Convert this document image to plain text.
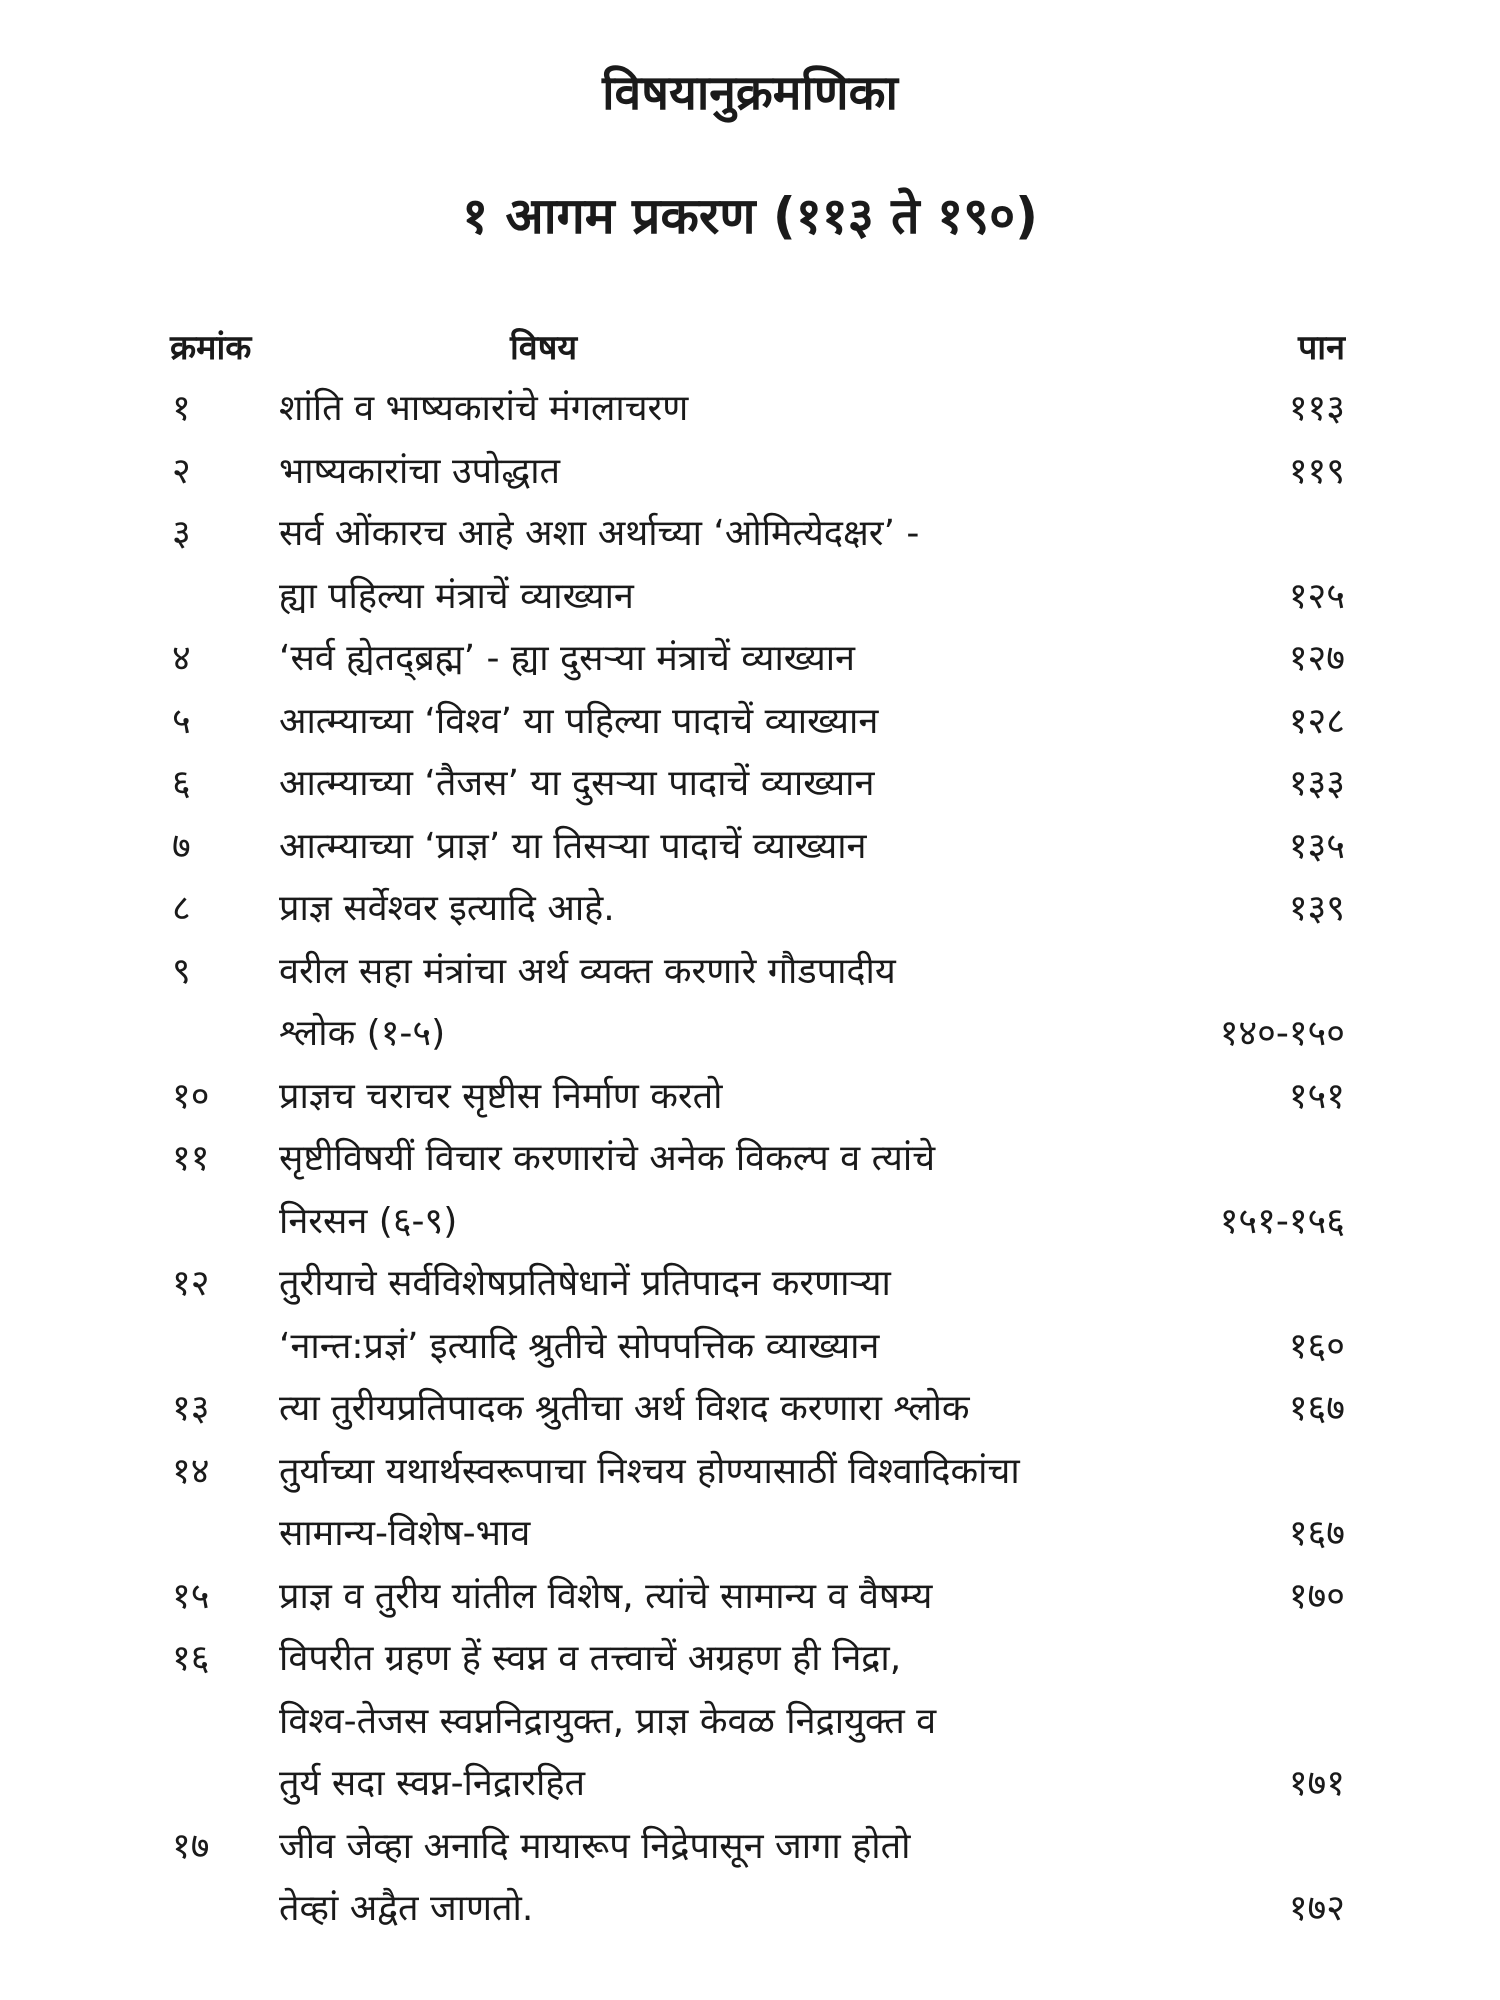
विषयानुक्रमणिका
१ आगम प्रकरण (११३ ते १९०)
क्रमांक	विषय	पान
१ शांति व भाष्यकारांचे मंगलाचरण	११३
२ भाष्यकारांचा उपोद्धात	११९
३ सर्व ओंकारच आहे अशा अर्थाच्या ‘ओमित्येदक्षर’ -
ह्या पहिल्या मंत्राचें व्याख्यान	१२५
४ ‘सर्व ह्येतद्‌ब्रह्म’ - ह्या दुसऱ्या मंत्राचें व्याख्यान	१२७
५ आत्म्याच्या ‘विश्व’ या पहिल्या पादाचें व्याख्यान	१२८
६ आत्म्याच्या ‘तैजस’ या दुसऱ्या पादाचें व्याख्यान	१३३
७ आत्म्याच्या ‘प्राज्ञ’ या तिसऱ्या पादाचें व्याख्यान	१३५
८ प्राज्ञ सर्वेश्वर इत्यादि आहे.	१३९
९ वरील सहा मंत्रांचा अर्थ व्यक्त करणारे गौडपादीय
श्लोक (१-५)	१४०-१५०
१० प्राज्ञच चराचर सृष्टीस निर्माण करतो	१५१
११ सृष्टीविषयीं विचार करणारांचे अनेक विकल्प व त्यांचे
निरसन (६-९)	१५१-१५६
१२ तुरीयाचे सर्वविशेषप्रतिषेधानें प्रतिपादन करणाऱ्या
‘नान्त:प्रज्ञं’ इत्यादि श्रुतीचे सोपपत्तिक व्याख्यान	१६०
१३ त्या तुरीयप्रतिपादक श्रुतीचा अर्थ विशद करणारा श्लोक	१६७
१४ तुर्याच्या यथार्थस्वरूपाचा निश्चय होण्यासाठीं विश्वादिकांचा
सामान्य-विशेष-भाव	१६७
१५ प्राज्ञ व तुरीय यांतील विशेष, त्यांचे सामान्य व वैषम्य	१७०
१६ विपरीत ग्रहण हें स्वप्न व तत्त्वाचें अग्रहण ही निद्रा,
विश्व-तेजस स्वप्ननिद्रायुक्त, प्राज्ञ केवळ निद्रायुक्त व
तुर्य सदा स्वप्न-निद्रारहित	१७१
१७ जीव जेव्हा अनादि मायारूप निद्रेपासून जागा होतो
तेव्हां अद्वैत जाणतो.	१७२
